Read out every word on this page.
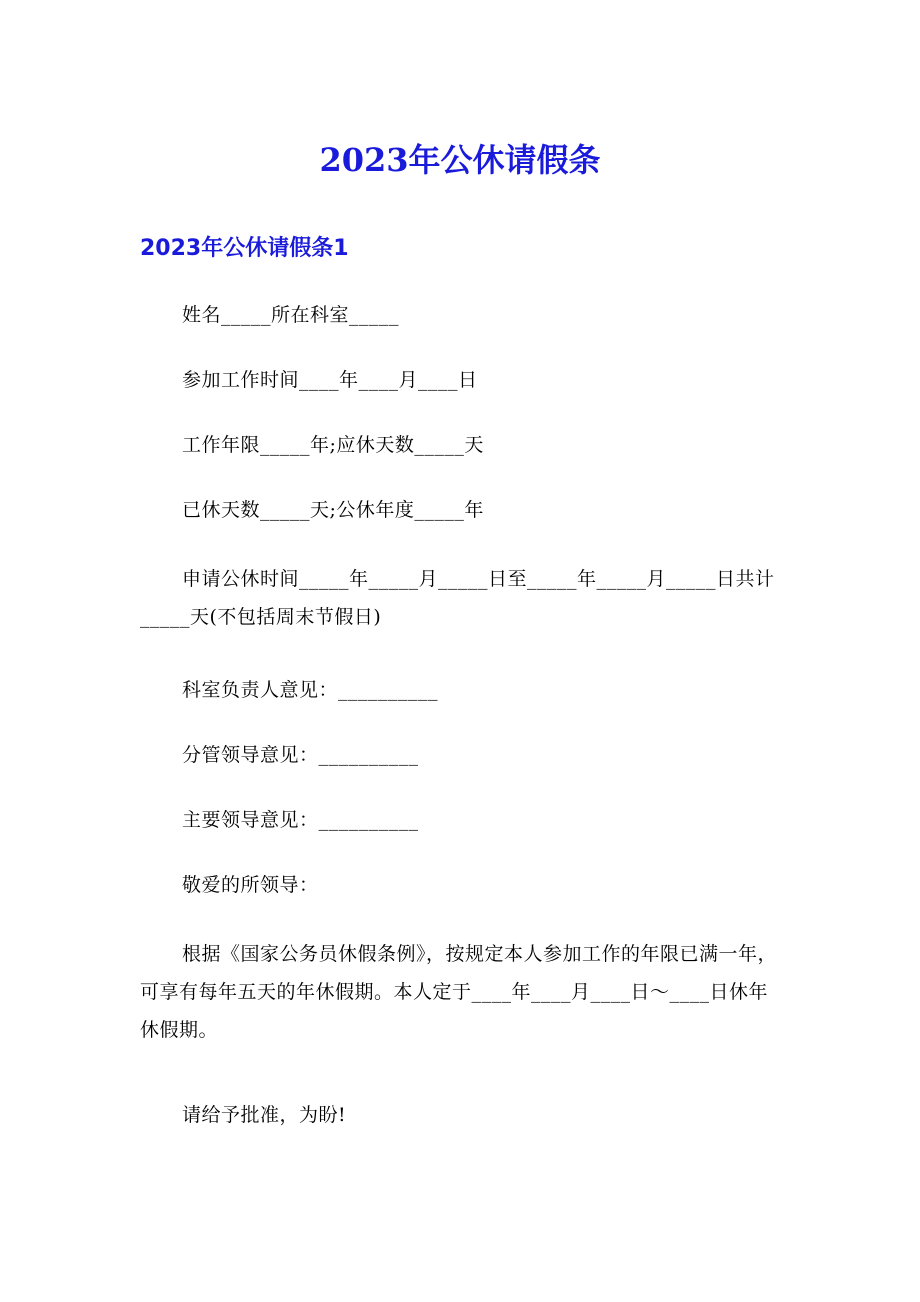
2023年公休请假条
2023年公休请假条1

姓名_____所在科室_____

参加工作时间____年____月____日

工作年限_____年;应休天数_____天

已休天数_____天;公休年度_____年

申请公休时间_____年_____月_____日至_____年_____月_____日共计_____天(不包括周末节假日)

科室负责人意见：__________

分管领导意见：__________

主要领导意见：__________

敬爱的所领导：

根据《国家公务员休假条例》，按规定本人参加工作的年限已满一年，可享有每年五天的年休假期。本人定于____年____月____日～____日休年休假期。

请给予批准，为盼!
